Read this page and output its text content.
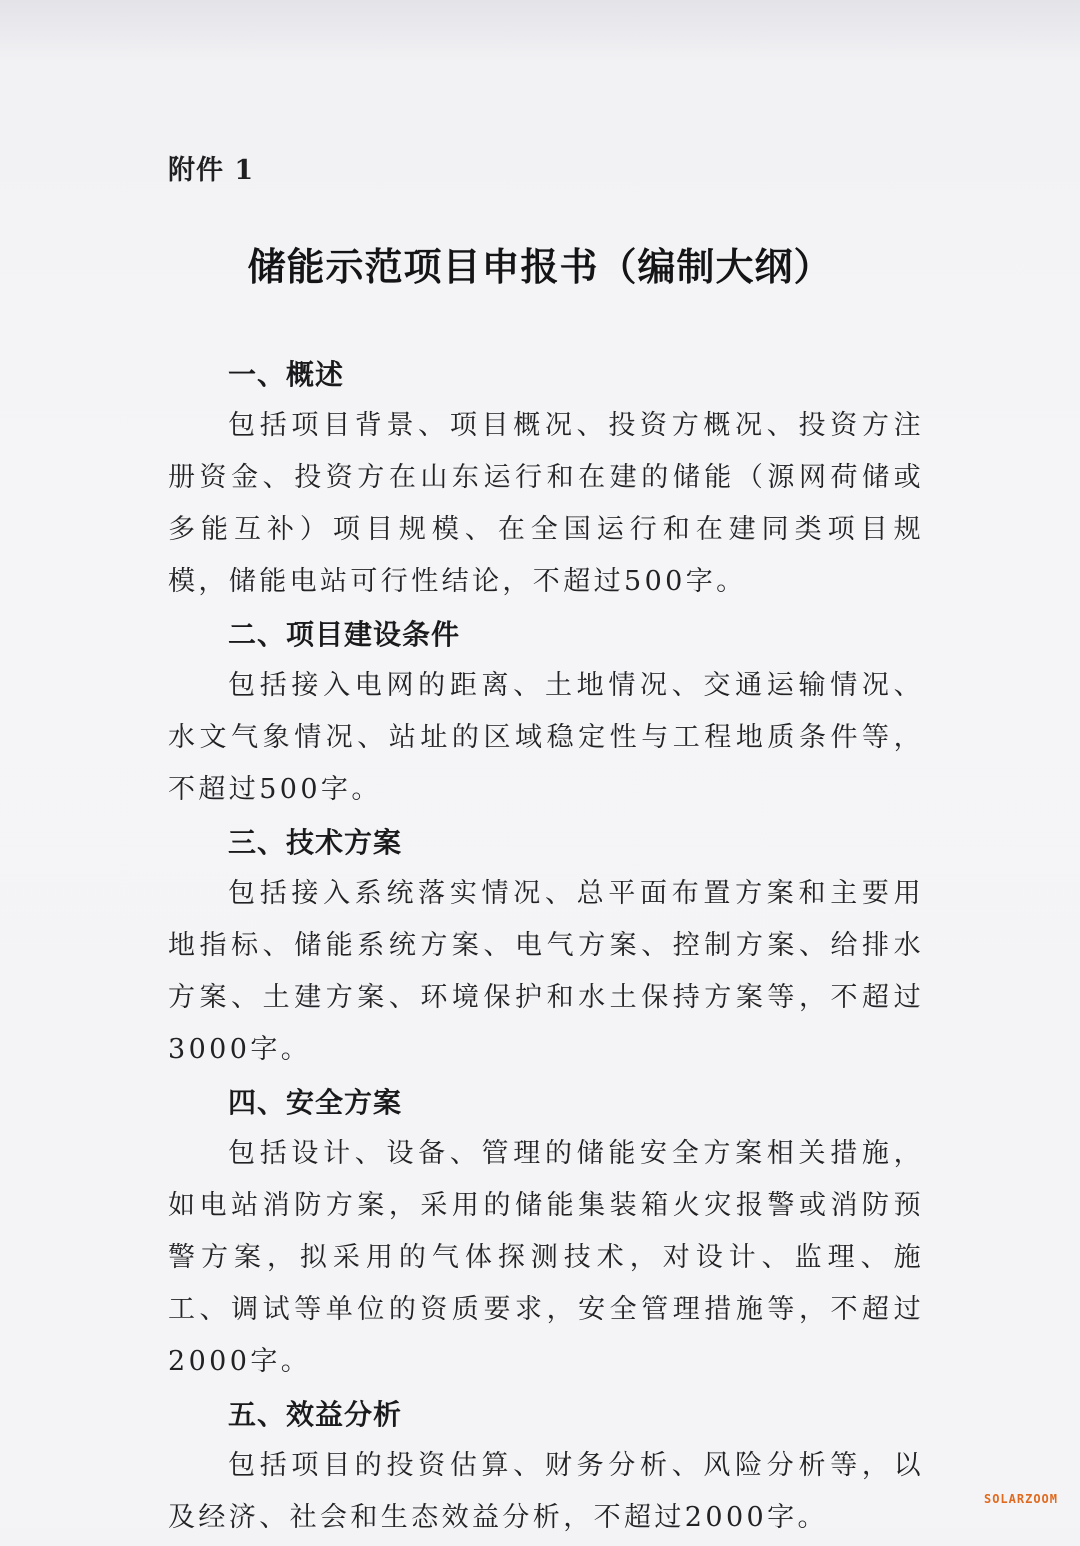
附件 1
储能示范项目申报书（编制大纲）
一、概述

包括项目背景、项目概况、投资方概况、投资方注册资金、投资方在山东运行和在建的储能（源网荷储或多能互补）项目规模、在全国运行和在建同类项目规模，储能电站可行性结论，不超过500字。

二、项目建设条件

包括接入电网的距离、土地情况、交通运输情况、水文气象情况、站址的区域稳定性与工程地质条件等，不超过500字。

三、技术方案

包括接入系统落实情况、总平面布置方案和主要用地指标、储能系统方案、电气方案、控制方案、给排水方案、土建方案、环境保护和水土保持方案等，不超过3000字。

四、安全方案

包括设计、设备、管理的储能安全方案相关措施，如电站消防方案，采用的储能集装箱火灾报警或消防预警方案，拟采用的气体探测技术，对设计、监理、施工、调试等单位的资质要求，安全管理措施等，不超过2000字。

五、效益分析

包括项目的投资估算、财务分析、风险分析等，以及经济、社会和生态效益分析，不超过2000字。

SOLARZOOM
